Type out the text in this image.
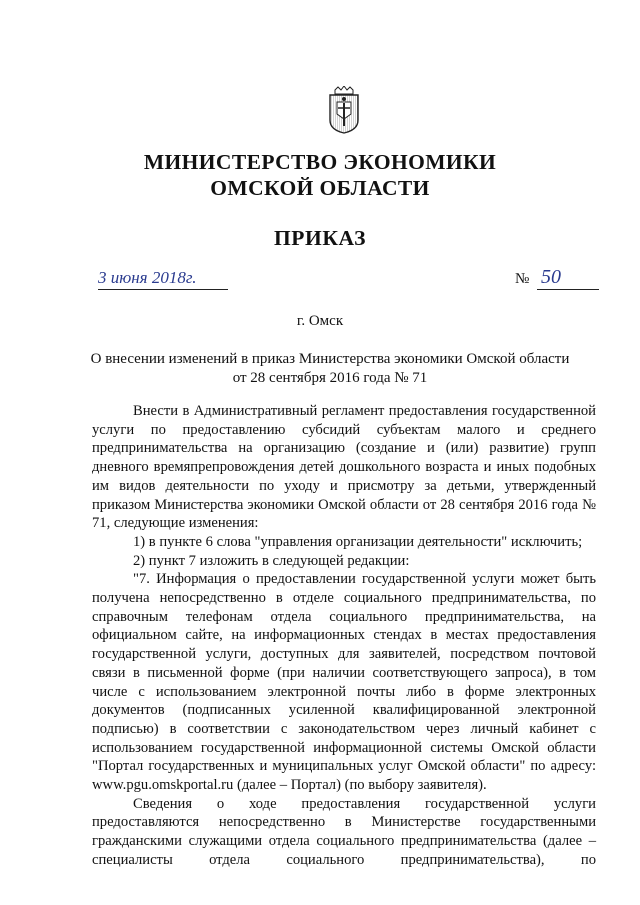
МИНИСТЕРСТВО ЭКОНОМИКИ
ОМСКОЙ ОБЛАСТИ
ПРИКАЗ
3 июня 2018г.	№ 50
г. Омск
О внесении изменений в приказ Министерства экономики Омской области
от 28 сентября 2016 года № 71

Внести в Административный регламент предоставления государственной услуги по предоставлению субсидий субъектам малого и среднего предпринимательства на организацию (создание и (или) развитие) групп дневного времяпрепровождения детей дошкольного возраста и иных подобных им видов деятельности по уходу и присмотру за детьми, утвержденный приказом Министерства экономики Омской области от 28 сентября 2016 года № 71, следующие изменения:

1) в пункте 6 слова "управления организации деятельности" исключить;

2) пункт 7 изложить в следующей редакции:

"7. Информация о предоставлении государственной услуги может быть получена непосредственно в отделе социального предпринимательства, по справочным телефонам отдела социального предпринимательства, на официальном сайте, на информационных стендах в местах предоставления государственной услуги, доступных для заявителей, посредством почтовой связи в письменной форме (при наличии соответствующего запроса), в том числе с использованием электронной почты либо в форме электронных документов (подписанных усиленной квалифицированной электронной подписью) в соответствии с законодательством через личный кабинет с использованием государственной информационной системы Омской области "Портал государственных и муниципальных услуг Омской области" по адресу: www.pgu.omskportal.ru (далее – Портал) (по выбору заявителя).

Сведения о ходе предоставления государственной услуги предоставляются непосредственно в Министерстве государственными гражданскими служащими отдела социального предпринимательства (далее – специалисты отдела социального предпринимательства), по
